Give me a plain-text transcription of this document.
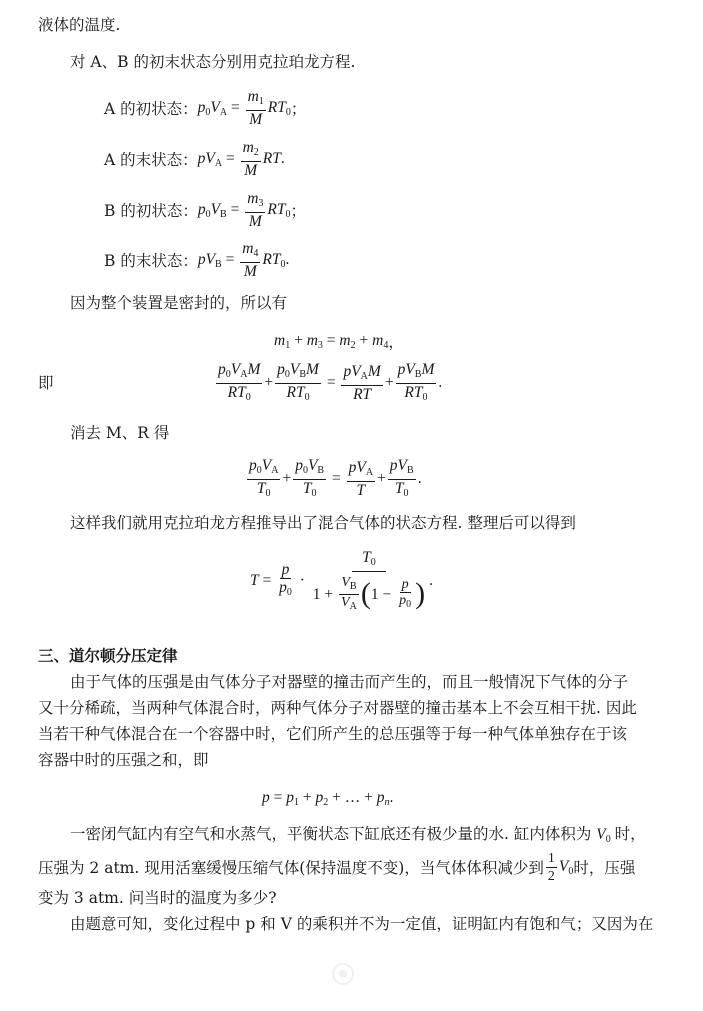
液体的温度.
对 A、B 的初末状态分别用克拉珀龙方程.
A 的初状态： $p_0V_A = \frac{m_1}{M} RT_0$ ；
A 的末状态： $pV_A = \frac{m_2}{M}$ RT .
B 的初状态： $p_0V_B = \frac{m_3}{M} RT_0$ ；
B 的末状态： $pV_B = \frac{m_4}{M} RT_0$ .
因为整个装置是密封的，所以有
$m_1 + m_3 = m_2 + m_4$ ，
即	$\frac{p_0V_AM}{RT_0} + \frac{p_0V_BM}{RT_0} = \frac{pV_AM}{RT} + \frac{pV_BM}{RT_0}$ .
消去 M、R 得
$\frac{p_0V_A}{T_0} + \frac{p_0V_B}{T_0} = \frac{pV_A}{T} + \frac{pV_B}{T_0}$ .
这样我们就用克拉珀龙方程推导出了混合气体的状态方程. 整理后可以得到
$T = \frac{p}{p_0}$ ·
$T_0$
$1 + \frac{V_B}{V_A}$ ( $1 - \frac{p}{p_0}$ ) .
三、道尔顿分压定律
由于气体的压强是由气体分子对器壁的撞击而产生的，而且一般情况下气体的分子
又十分稀疏，当两种气体混合时，两种气体分子对器壁的撞击基本上不会互相干扰. 因此
当若干种气体混合在一个容器中时，它们所产生的总压强等于每一种气体单独存在于该
容器中时的压强之和，即
$p = p_1 + p_2$ + … + $p_n$ .
一密闭气缸内有空气和水蒸气，平衡状态下缸底还有极少量的水. 缸内体积为 $V_0$ 时，
压强为 2 atm. 现用活塞缓慢压缩气体(保持温度不变)，当气体体积减少到 $\frac{1}{2} V_0$ 时，压强
变为 3 atm. 问当时的温度为多少?
由题意可知，变化过程中 p 和 V 的乘积并不为一定值，证明缸内有饱和气；又因为在
